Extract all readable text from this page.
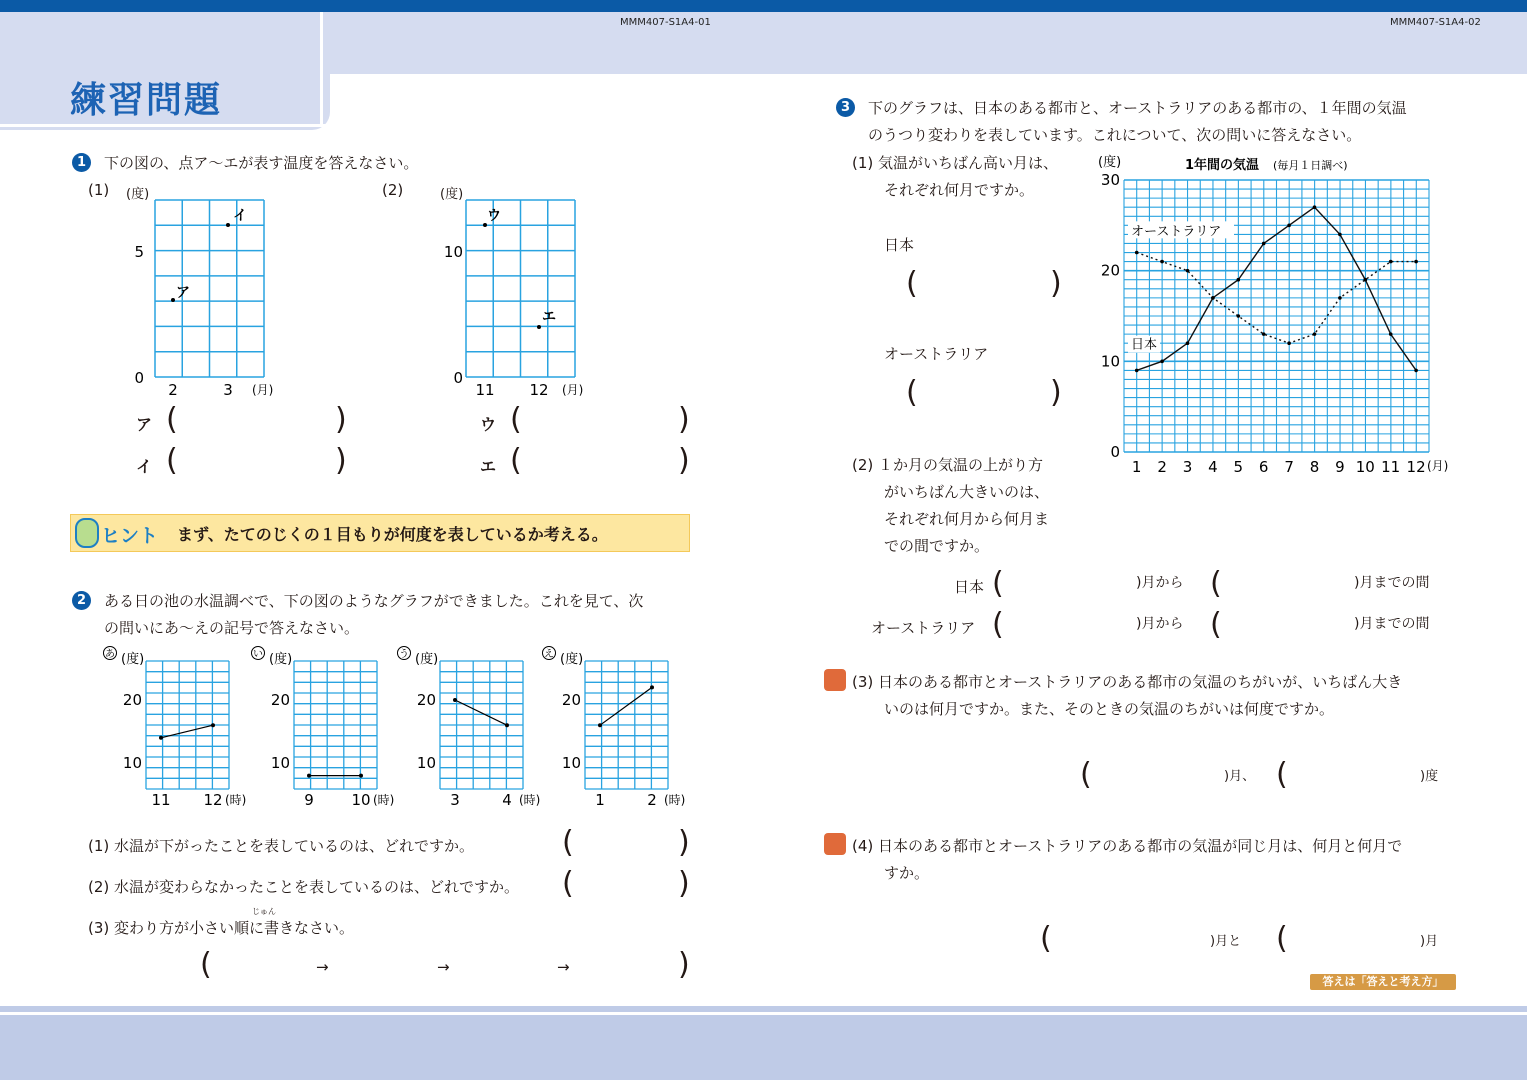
練習問題
MMM407-S1A4-01	MMM407-S1A4-02
1	下の図の、点ア～エが表す温度を答えなさい。
(1) (度)	(2)	(度)
5
0
2	3 (月)
ア
イ
10
0
11 12 (月)
ウ
エ
ア (	)
イ (	)
ウ (	)
エ (	)
ヒント まず、たてのじくの１目もりが何度を表しているか考える。
2	ある日の池の水温調べで、下の図のようなグラフができました。これを見て、次
の問いにあ～えの記号で答えなさい。
あ (度)
20
10
11 12 (時)
い (度)
20
10
9	10 (時)
う (度)
20
10
3	4 (時)
え (度)
20
10
1	2 (時)
(1) 水温が下がったことを表しているのは、どれですか。	(	)
(2) 水温が変わらなかったことを表しているのは、どれですか。 (	)
じゅん
(3) 変わり方が小さい順に書きなさい。
(	→	→	→	)
3	下のグラフは、日本のある都市と、オーストラリアのある都市の、１年間の気温
のうつり変わりを表しています。これについて、次の問いに答えなさい。
(1) 気温がいちばん高い月は、
それぞれ何月ですか。
日本
(	)
オーストラリア
(	)
(度)	1年間の気温 (毎月１日調べ)
30
20
10
0
1 2 3 4 5 6 7 8 9 10 11 12 (月)
日本
オーストラリア
(2) １か月の気温の上がり方
がいちばん大きいのは、
それぞれ何月から何月ま
での間ですか。
日本 (	)月から (	)月までの間
オーストラリア (	)月から (	)月までの間
(3) 日本のある都市とオーストラリアのある都市の気温のちがいが、いちばん大き
いのは何月ですか。また、そのときの気温のちがいは何度ですか。
(	)月、 (	)度
(4) 日本のある都市とオーストラリアのある都市の気温が同じ月は、何月と何月で
すか。
(	)月と (	)月
答えは「答えと考え方」
